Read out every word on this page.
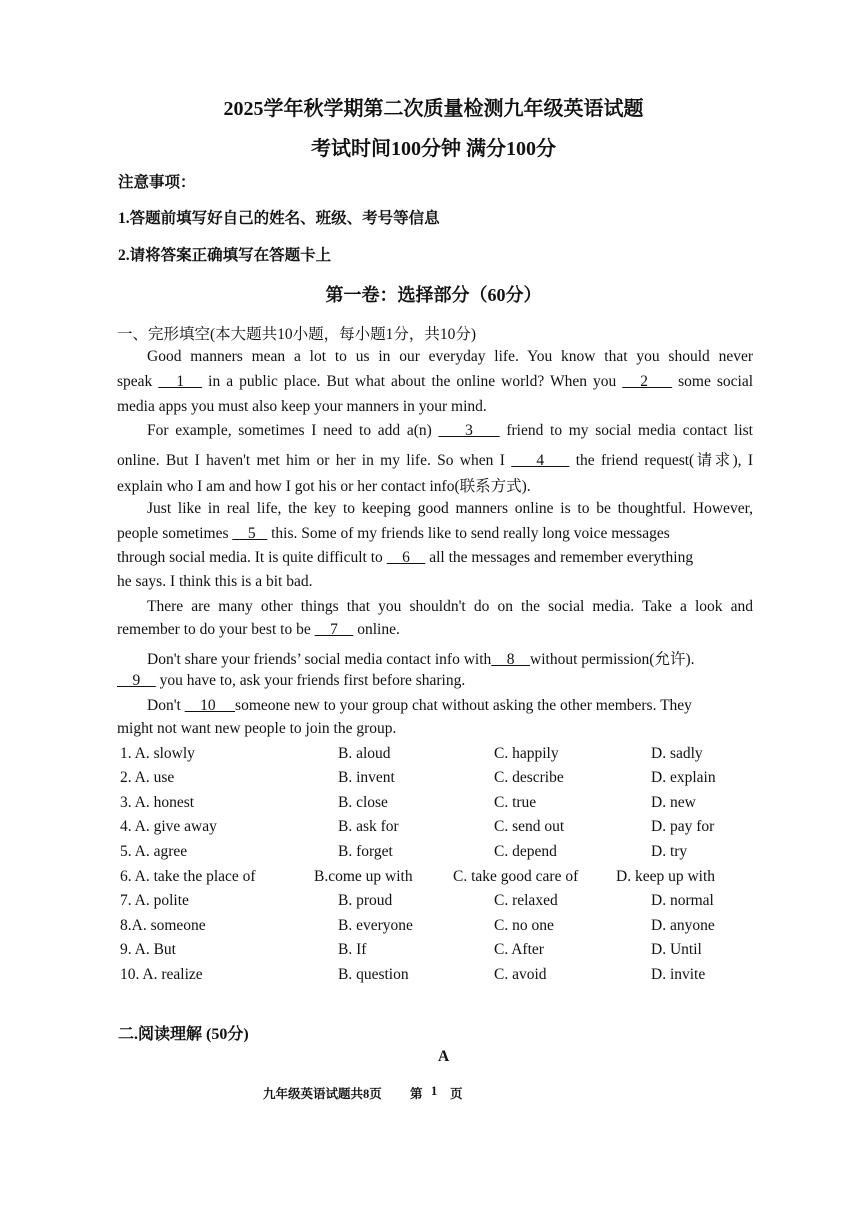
2025学年秋学期第二次质量检测九年级英语试题
考试时间100分钟 满分100分
注意事项：
1.答题前填写好自己的姓名、班级、考号等信息
2.请将答案正确填写在答题卡上
第一卷：选择部分（60分）
一、完形填空(本大题共10小题，每小题1分，共10分)
Good manners mean a lot to us in our everyday life. You know that you should never
speak    1    in a public place. But what about the online world? When you    2     some social
media apps you must also keep your manners in your mind.
For example, sometimes I need to add a(n)     3     friend to my social media contact list
online. But I haven't met him or her in my life. So when I     4     the friend request(请求), I
explain who I am and how I got his or her contact info(联系方式).
Just like in real life, the key to keeping good manners online is to be thoughtful. However,
people sometimes     5    this. Some of my friends like to send really long voice messages
through social media. It is quite difficult to     6     all the messages and remember everything
he says. I think this is a bit bad.
There are many other things that you shouldn't do on the social media. Take a look and
remember to do your best to be     7     online.
Don't share your friends’ social media contact info with    8    without permission(允许).
9     you have to, ask your friends first before sharing.
Don't     10     someone new to your group chat without asking the other members. They
might not want new people to join the group.
1. A. slowly	B. aloud	C. happily	D. sadly
2. A. use	B. invent	C. describe	D. explain
3. A. honest	B. close	C. true	D. new
4. A. give away	B. ask for	C. send out	D. pay for
5. A. agree	B. forget	C. depend	D. try
6. A. take the place of	B.come up with	C. take good care of D. keep up with
7. A. polite	B. proud	C. relaxed	D. normal
8.A. someone	B. everyone	C. no one	D. anyone
9. A. But	B. If	C. After	D. Until
10. A. realize	B. question	C. avoid	D. invite
二.阅读理解 (50分)
A
九年级英语试题共8页 第 1 页
